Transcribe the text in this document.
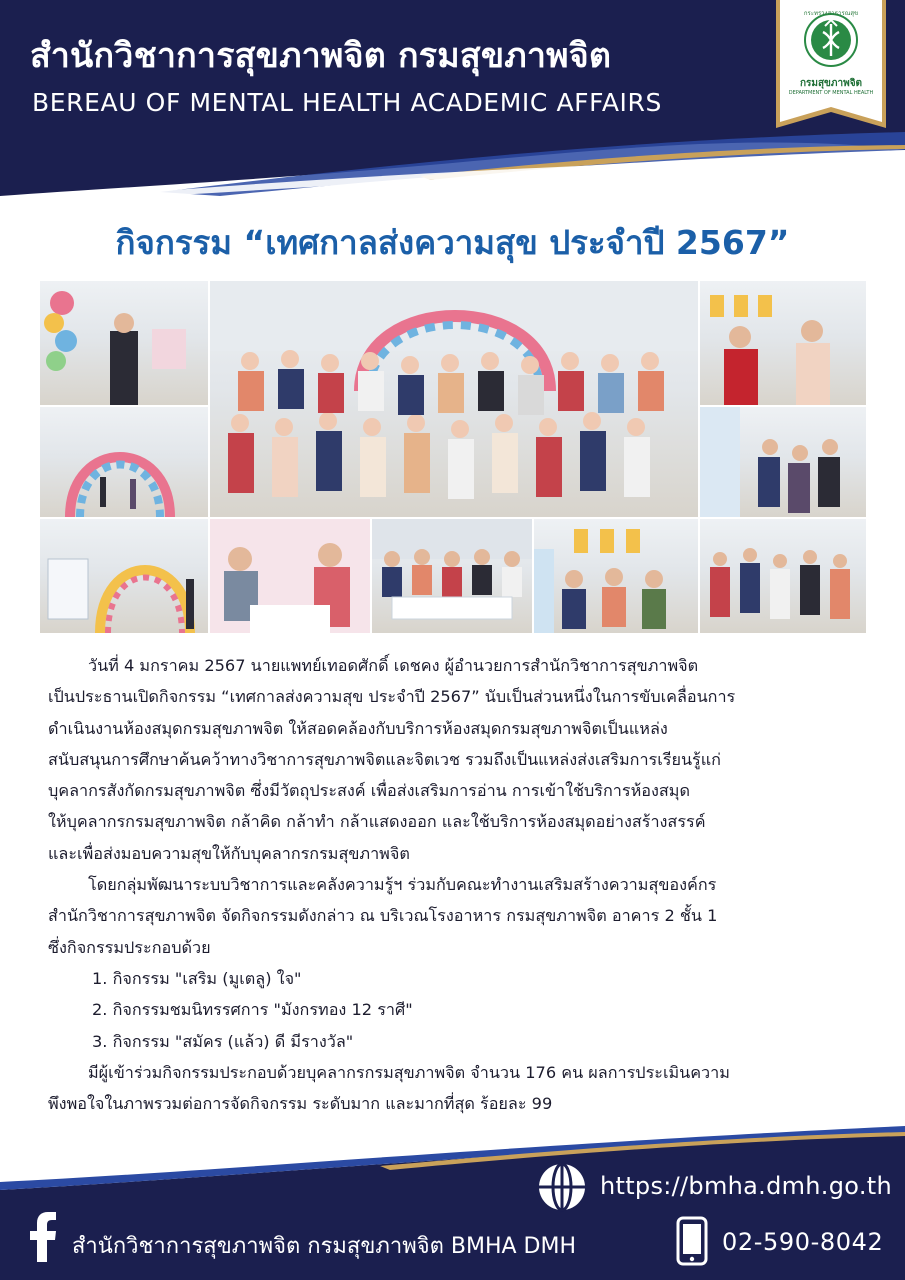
สำนักวิชาการสุขภาพจิต กรมสุขภาพจิต
BEREAU OF MENTAL HEALTH ACADEMIC AFFAIRS
กระทรวงสาธารณสุข
กรมสุขภาพจิต
DEPARTMENT OF MENTAL HEALTH
กิจกรรม “เทศกาลส่งความสุข ประจำปี 2567”

วันที่ 4 มกราคม 2567 นายแพทย์เทอดศักดิ์ เดชคง ผู้อำนวยการสำนักวิชาการสุขภาพจิต

เป็นประธานเปิดกิจกรรม “เทศกาลส่งความสุข ประจำปี 2567” นับเป็นส่วนหนึ่งในการขับเคลื่อนการ

ดำเนินงานห้องสมุดกรมสุขภาพจิต ให้สอดคล้องกับบริการห้องสมุดกรมสุขภาพจิตเป็นแหล่ง

สนับสนุนการศึกษาค้นคว้าทางวิชาการสุขภาพจิตและจิตเวช รวมถึงเป็นแหล่งส่งเสริมการเรียนรู้แก่

บุคลากรสังกัดกรมสุขภาพจิต ซึ่งมีวัตถุประสงค์ เพื่อส่งเสริมการอ่าน การเข้าใช้บริการห้องสมุด

ให้บุคลากรกรมสุขภาพจิต กล้าคิด กล้าทำ กล้าแสดงออก และใช้บริการห้องสมุดอย่างสร้างสรรค์

และเพื่อส่งมอบความสุขให้กับบุคลากรกรมสุขภาพจิต

โดยกลุ่มพัฒนาระบบวิชาการและคลังความรู้ฯ ร่วมกับคณะทำงานเสริมสร้างความสุของค์กร

สำนักวิชาการสุขภาพจิต จัดกิจกรรมดังกล่าว ณ บริเวณโรงอาหาร กรมสุขภาพจิต อาคาร 2 ชั้น 1

ซึ่งกิจกรรมประกอบด้วย

1. กิจกรรม "เสริม (มูเตลู) ใจ"

2. กิจกรรมชมนิทรรศการ "มังกรทอง 12 ราศี"

3. กิจกรรม "สมัคร (แล้ว) ดี มีรางวัล"

มีผู้เข้าร่วมกิจกรรมประกอบด้วยบุคลากรกรมสุขภาพจิต จำนวน 176 คน ผลการประเมินความ

พึงพอใจในภาพรวมต่อการจัดกิจกรรม ระดับมาก และมากที่สุด ร้อยละ 99

https://bmha.dmh.go.th
สำนักวิชาการสุขภาพจิต กรมสุขภาพจิต BMHA DMH	02-590-8042
